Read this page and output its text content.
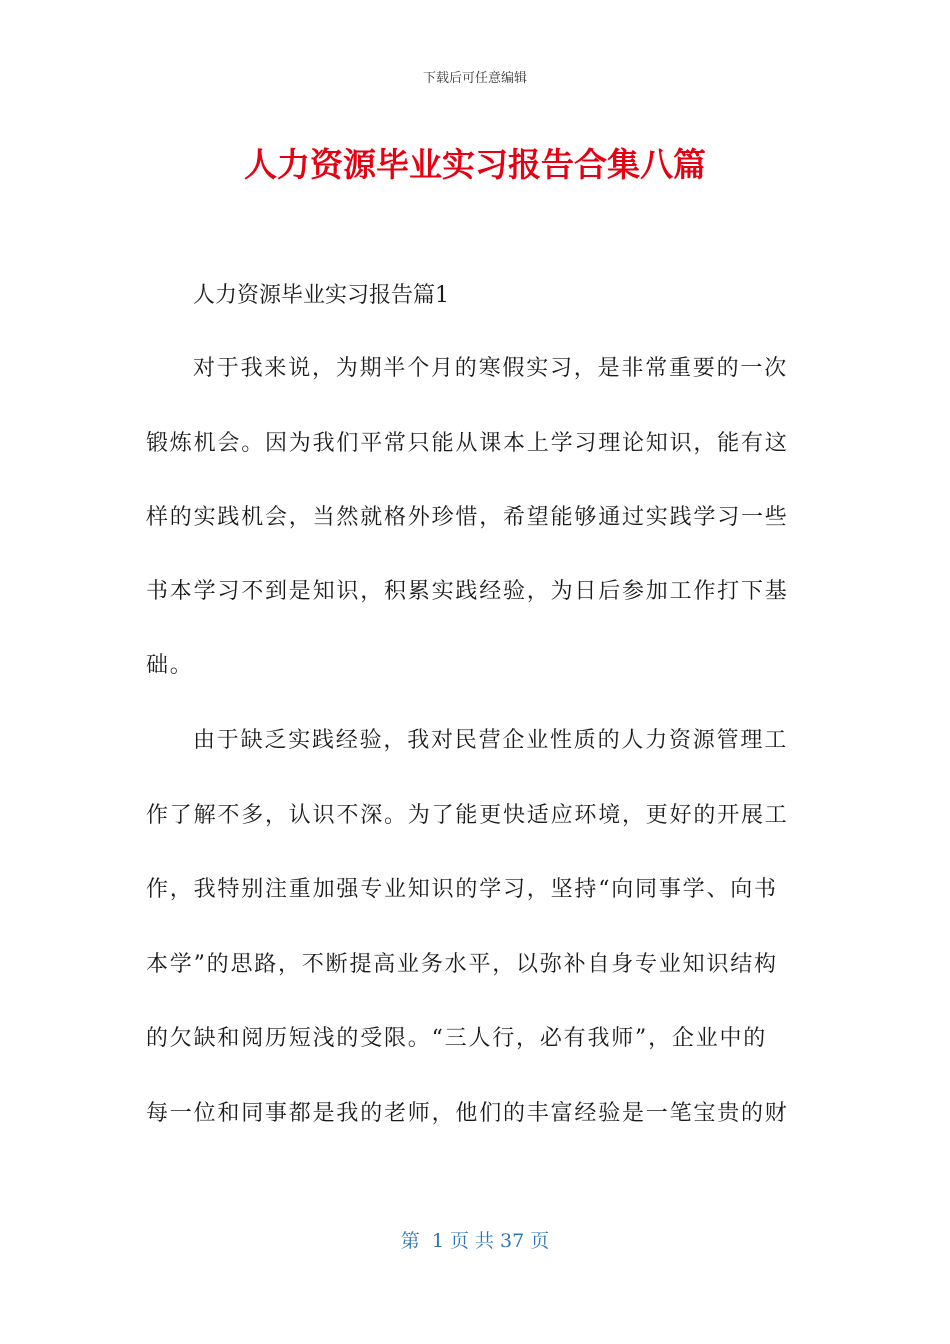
下载后可任意编辑
人力资源毕业实习报告合集八篇
人力资源毕业实习报告篇1
对于我来说，为期半个月的寒假实习，是非常重要的一次
锻炼机会。因为我们平常只能从课本上学习理论知识，能有这
样的实践机会，当然就格外珍惜，希望能够通过实践学习一些
书本学习不到是知识，积累实践经验，为日后参加工作打下基
础。
由于缺乏实践经验，我对民营企业性质的人力资源管理工
作了解不多，认识不深。为了能更快适应环境，更好的开展工
作，我特别注重加强专业知识的学习，坚持“向同事学、向书
本学”的思路，不断提高业务水平，以弥补自身专业知识结构
的欠缺和阅历短浅的受限。“三人行，必有我师”，企业中的
每一位和同事都是我的老师，他们的丰富经验是一笔宝贵的财
第  1 页 共 37 页
